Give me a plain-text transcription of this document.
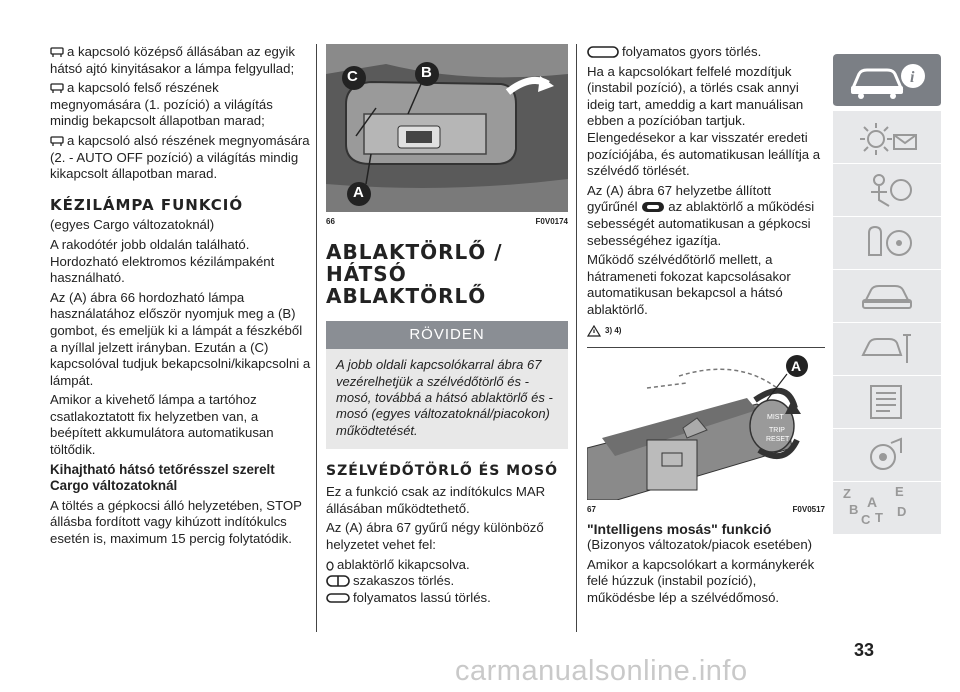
a kapcsoló középső állásában az egyik hátsó ajtó kinyitásakor a lámpa felgyullad;

a kapcsoló felső részének megnyomására (1. pozíció) a világítás mindig bekapcsolt állapotban marad;

a kapcsoló alsó részének megnyomására (2. - AUTO OFF pozíció) a világítás mindig kikapcsolt állapotban marad.

KÉZILÁMPA FUNKCIÓ

(egyes Cargo változatoknál)

A rakodótér jobb oldalán található. Hordozható elektromos kézilámpaként használható.

Az (A) ábra 66 hordozható lámpa használatához először nyomjuk meg a (B) gombot, és emeljük ki a lámpát a fészkéből a nyíllal jelzett irányban. Ezután a (C) kapcsolóval tudjuk bekapcsolni/kikapcsolni a lámpát.

Amikor a kivehető lámpa a tartóhoz csatlakoztatott fix helyzetben van, a beépített akkumulátora automatikusan töltődik.

Kihajtható hátsó tetőrésszel szerelt Cargo változatoknál

A töltés a gépkocsi álló helyzetében, STOP állásba fordított vagy kihúzott indítókulcs esetén is, maximum 15 percig folytatódik.

C	B
A
66	F0V0174
ABLAKTÖRLŐ / HÁTSÓ ABLAKTÖRLŐ
RÖVIDEN
A jobb oldali kapcsolókarral ábra 67 vezérelhetjük a szélvédőtörlő és -mosó, továbbá a hátsó ablaktörlő és -mosó (egyes változatoknál/piacokon) működtetését.
SZÉLVÉDŐTÖRLŐ ÉS MOSÓ

Ez a funkció csak az indítókulcs MAR állásában működtethető.

Az (A) ábra 67 gyűrű négy különböző helyzetet vehet fel:

ablaktörlő kikapcsolva.

szakaszos törlés.

folyamatos lassú törlés.

folyamatos gyors törlés.

Ha a kapcsolókart felfelé mozdítjuk (instabil pozíció), a törlés csak annyi ideig tart, ameddig a kart manuálisan ebben a pozícióban tartjuk. Elengedésekor a kar visszatér eredeti pozíciójába, és automatikusan leállítja a szélvédő törlését.

Az (A) ábra 67 helyzetbe állított gyűrűnél az ablaktörlő a működési sebességét automatikusan a gépkocsi sebességéhez igazítja.

Működő szélvédőtörlő mellett, a hátrameneti fokozat kapcsolásakor automatikusan bekapcsol a hátsó ablaktörlő.

3) 4)
A
MIST
TRIP
RESET
67	F0V0517

"Intelligens mosás" funkció

(Bizonyos változatok/piacok esetében)

Amikor a kapcsolókart a kormánykerék felé húzzuk (instabil pozíció), működésbe lép a szélvédőmosó.

i
Z	E
A
B
C T D
33
carmanualsonline.info
